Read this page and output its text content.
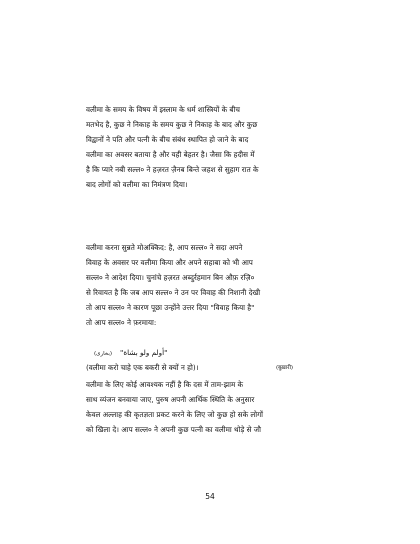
वलीमा के समय के विषय में इस्लाम के धर्म शास्त्रियों के बीच
मतभेद है, कुछ ने निकाह के समय कुछ ने निकाह के बाद और कुछ
विद्वानों ने पति और पत्नी के बीच संबंध स्थापित हो जाने के बाद
वलीमा का अवसर बताया है और यही बेहतर है। जैसा कि हदीस में
है कि प्यारे नबी सल्ल० ने हज़रत ज़ैनब बिन्ते जहश से सुहाग रात के
बाद लोगों को वलीमा का निमंत्रण दिया।

वलीमा करना सुन्नते मोअक्किद: है, आप सल्ल० ने सदा अपने
विवाह के अवसर पर वलीमा किया और अपने सहाबा को भी आप
सल्ल० ने आदेश दिया। चुनांचे हज़रत अब्दुर्रहमान बिन औफ़ रज़ि०
से रिवायत है कि जब आप सल्ल० ने उन पर विवाह की निशानी देखी
तो आप सल्ल० ने कारण पूछा उन्होंने उत्तर दिया "विवाह किया है"
तो आप सल्ल० ने फ़रमाया:

"أولم ولو بشاة"(بخاری)
(वलीमा करो चाहे एक बकरी से क्यों न हो)।	(बुख़ारी)

वलीमा के लिए कोई आवश्यक नहीं है कि दस में ताम-झाम के
साथ व्यंजन बनवाया जाए, पुरुष अपनी आर्थिक स्थिति के अनुसार
केवल अल्लाह की कृतज्ञता प्रकट करने के लिए जो कुछ हो सके लोगों
को खिला दे। आप सल्ल० ने अपनी कुछ पत्नी का वलीमा थोड़े से जौ

54
